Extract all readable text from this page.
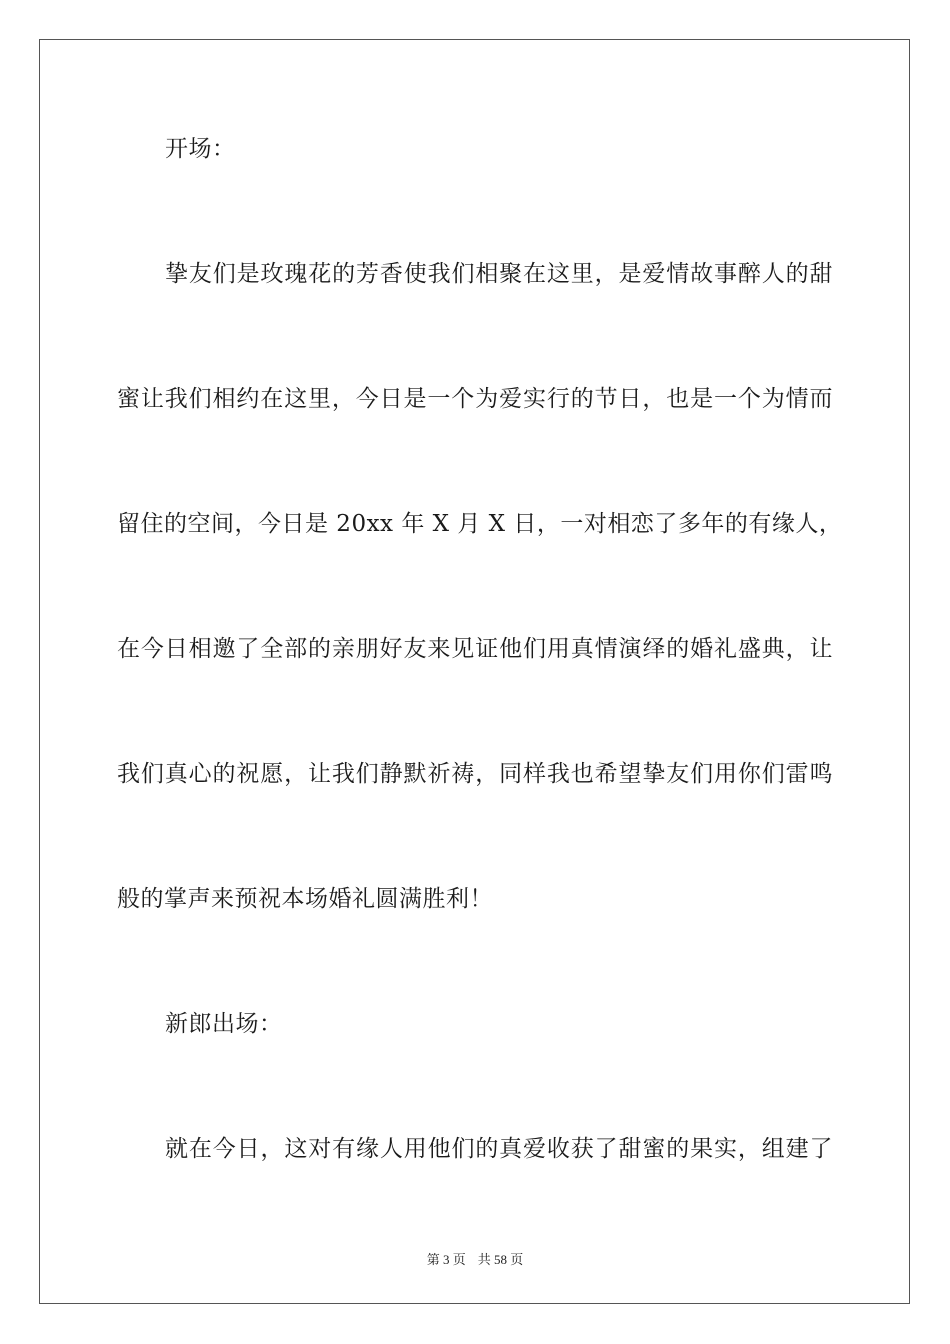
开场：
挚友们是玫瑰花的芳香使我们相聚在这里，是爱情故事醉人的甜
蜜让我们相约在这里，今日是一个为爱实行的节日，也是一个为情而
留住的空间，今日是 20xx 年 X 月 X 日，一对相恋了多年的有缘人，
在今日相邀了全部的亲朋好友来见证他们用真情演绎的婚礼盛典，让
我们真心的祝愿，让我们静默祈祷，同样我也希望挚友们用你们雷鸣
般的掌声来预祝本场婚礼圆满胜利！
新郎出场：
就在今日，这对有缘人用他们的真爱收获了甜蜜的果实，组建了
第 3 页 共 58 页
